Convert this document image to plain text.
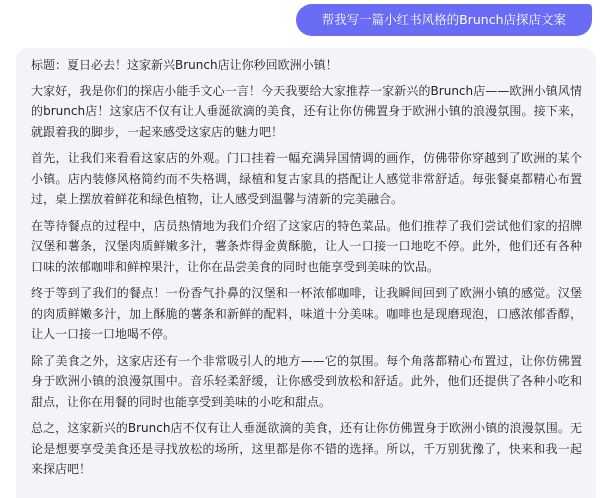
帮我写一篇小红书风格的Brunch店探店文案

标题：夏日必去！这家新兴Brunch店让你秒回欧洲小镇！

大家好，我是你们的探店小能手文心一言！今天我要给大家推荐一家新兴的Brunch店——欧洲小镇风情的brunch店！这家店不仅有让人垂涎欲滴的美食，还有让你仿佛置身于欧洲小镇的浪漫氛围。接下来，就跟着我的脚步，一起来感受这家店的魅力吧！

首先，让我们来看看这家店的外观。门口挂着一幅充满异国情调的画作，仿佛带你穿越到了欧洲的某个小镇。店内装修风格简约而不失格调，绿植和复古家具的搭配让人感觉非常舒适。每张餐桌都精心布置过，桌上摆放着鲜花和绿色植物，让人感受到温馨与清新的完美融合。

在等待餐点的过程中，店员热情地为我们介绍了这家店的特色菜品。他们推荐了我们尝试他们家的招牌汉堡和薯条，汉堡肉质鲜嫩多汁，薯条炸得金黄酥脆，让人一口接一口地吃不停。此外，他们还有各种口味的浓郁咖啡和鲜榨果汁，让你在品尝美食的同时也能享受到美味的饮品。

终于等到了我们的餐点！一份香气扑鼻的汉堡和一杯浓郁咖啡，让我瞬间回到了欧洲小镇的感觉。汉堡的肉质鲜嫩多汁，加上酥脆的薯条和新鲜的配料，味道十分美味。咖啡也是现磨现泡，口感浓郁香醇，让人一口接一口地喝不停。

除了美食之外，这家店还有一个非常吸引人的地方——它的氛围。每个角落都精心布置过，让你仿佛置身于欧洲小镇的浪漫氛围中。音乐轻柔舒缓，让你感受到放松和舒适。此外，他们还提供了各种小吃和甜点，让你在用餐的同时也能享受到美味的小吃和甜点。

总之，这家新兴的Brunch店不仅有让人垂涎欲滴的美食，还有让你仿佛置身于欧洲小镇的浪漫氛围。无论是想要享受美食还是寻找放松的场所，这里都是你不错的选择。所以，千万别犹豫了，快来和我一起来探店吧！
